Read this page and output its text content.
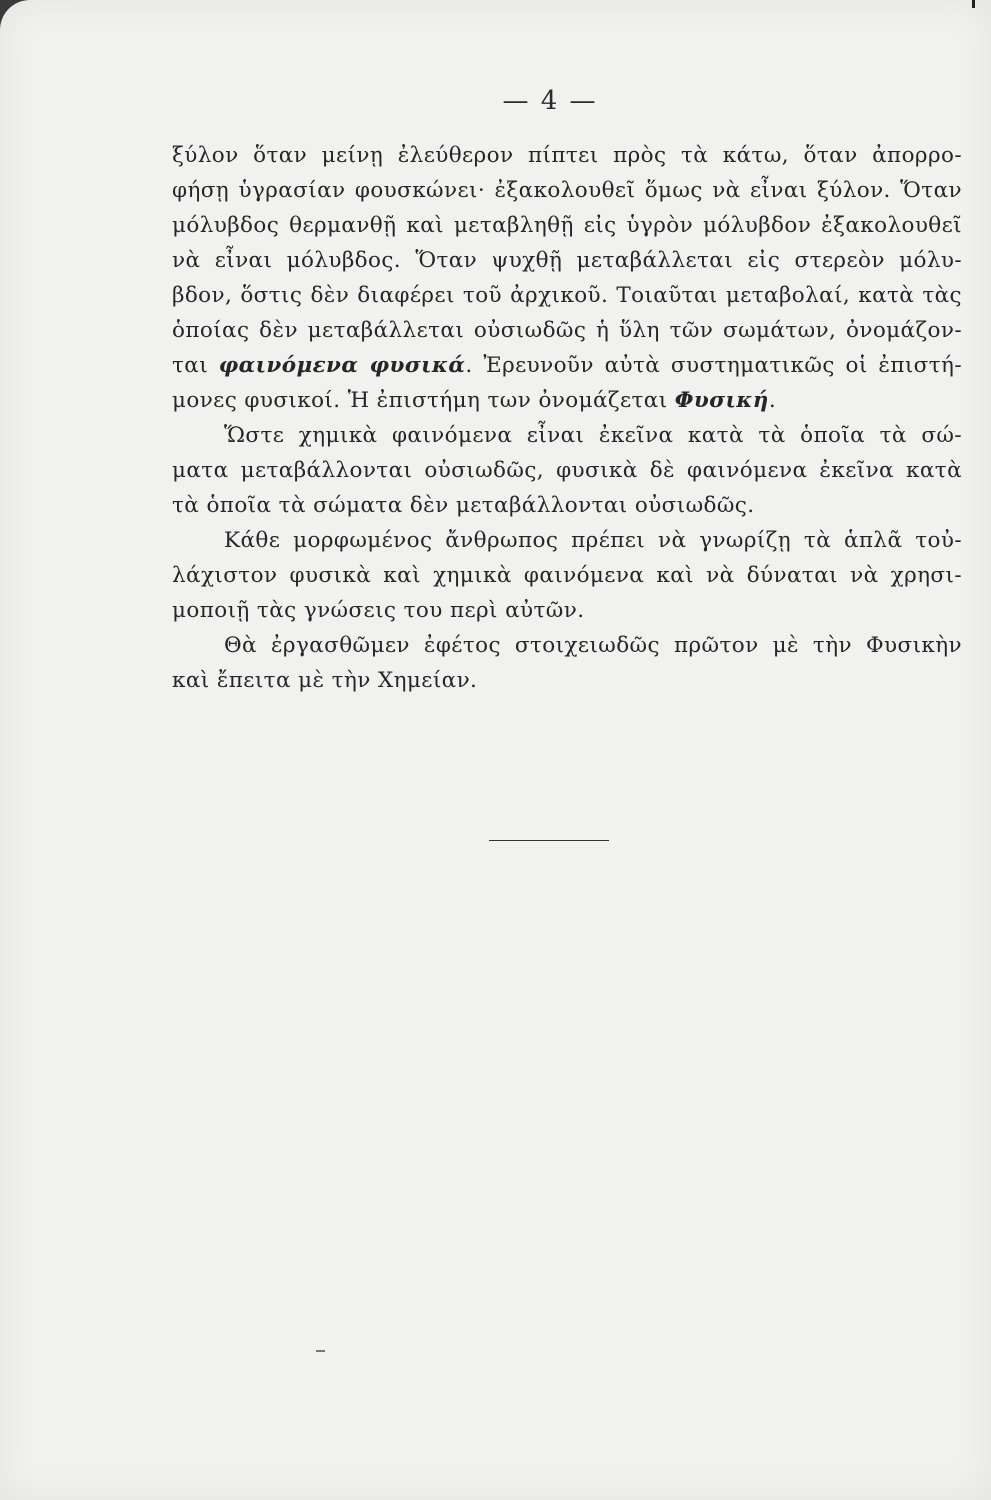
— 4 —
ξύλον ὅταν μείνῃ ἐλεύθερον πίπτει πρὸς τὰ κάτω, ὅταν ἀπορρο-
φήσῃ ὑγρασίαν φουσκώνει· ἐξακολουθεῖ ὅμως νὰ εἶναι ξύλον. Ὅταν
μόλυβδος θερμανθῇ καὶ μεταβληθῇ εἰς ὑγρὸν μόλυβδον ἐξακολουθεῖ
νὰ εἶναι μόλυβδος. Ὅταν ψυχθῇ μεταβάλλεται εἰς στερεὸν μόλυ-
βδον, ὅστις δὲν διαφέρει τοῦ ἀρχικοῦ. Τοιαῦται μεταβολαί, κατὰ τὰς
ὁποίας δὲν μεταβάλλεται οὐσιωδῶς ἡ ὕλη τῶν σωμάτων, ὀνομάζον-
ται φαινόμενα φυσικά. Ἐρευνοῦν αὐτὰ συστηματικῶς οἱ ἐπιστή-
μονες φυσικοί. Ἡ ἐπιστήμη των ὀνομάζεται Φυσική.
Ὥστε χημικὰ φαινόμενα εἶναι ἐκεῖνα κατὰ τὰ ὁποῖα τὰ σώ-
ματα μεταβάλλονται οὐσιωδῶς, φυσικὰ δὲ φαινόμενα ἐκεῖνα κατὰ
τὰ ὁποῖα τὰ σώματα δὲν μεταβάλλονται οὐσιωδῶς.
Κάθε μορφωμένος ἄνθρωπος πρέπει νὰ γνωρίζῃ τὰ ἁπλᾶ τοὐ-
λάχιστον φυσικὰ καὶ χημικὰ φαινόμενα καὶ νὰ δύναται νὰ χρησι-
μοποιῇ τὰς γνώσεις του περὶ αὐτῶν.
Θὰ ἐργασθῶμεν ἐφέτος στοιχειωδῶς πρῶτον μὲ τὴν Φυσικὴν
καὶ ἔπειτα μὲ τὴν Χημείαν.
